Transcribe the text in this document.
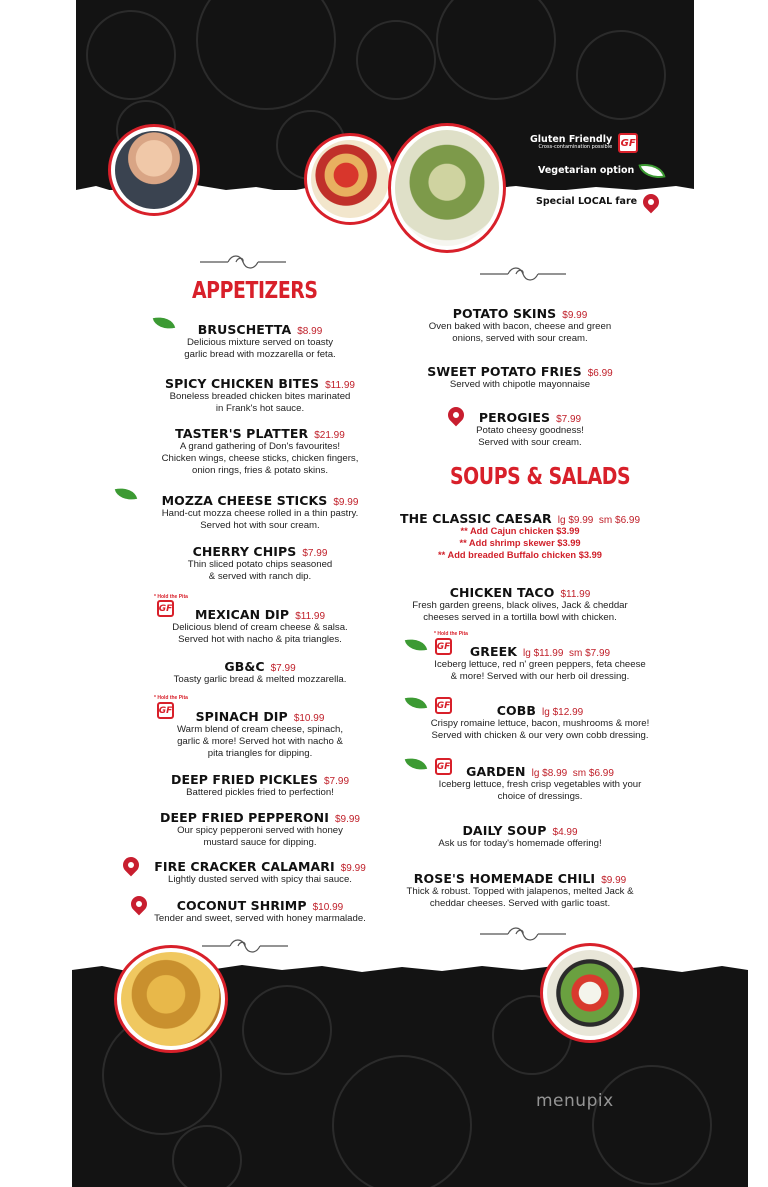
Gluten Friendly
Cross-contamination possible GF
Vegetarian option
Special LOCAL fare
APPETIZERS
BRUSCHETTA $8.99
Delicious mixture served on toasty
garlic bread with mozzarella or feta.
SPICY CHICKEN BITES $11.99
Boneless breaded chicken bites marinated
in Frank's hot sauce.
TASTER'S PLATTER $21.99
A grand gathering of Don's favourites!
Chicken wings, cheese sticks, chicken fingers,
onion rings, fries & potato skins.
MOZZA CHEESE STICKS $9.99
Hand-cut mozza cheese rolled in a thin pastry.
Served hot with sour cream.
CHERRY CHIPS $7.99
Thin sliced potato chips seasoned
& served with ranch dip.
* Hold the Pita
GF MEXICAN DIP $11.99
Delicious blend of cream cheese & salsa.
Served hot with nacho & pita triangles.
GB&C $7.99
Toasty garlic bread & melted mozzarella.
* Hold the Pita
GF SPINACH DIP $10.99
Warm blend of cream cheese, spinach,
garlic & more! Served hot with nacho &
pita triangles for dipping.
DEEP FRIED PICKLES $7.99
Battered pickles fried to perfection!
DEEP FRIED PEPPERONI $9.99
Our spicy pepperoni served with honey
mustard sauce for dipping.
FIRE CRACKER CALAMARI $9.99
Lightly dusted served with spicy thai sauce.
COCONUT SHRIMP $10.99
Tender and sweet, served with honey marmalade.
POTATO SKINS $9.99
Oven baked with bacon, cheese and green
onions, served with sour cream.
SWEET POTATO FRIES $6.99
Served with chipotle mayonnaise
PEROGIES $7.99
Potato cheesy goodness!
Served with sour cream.
SOUPS & SALADS
THE CLASSIC CAESAR lg $9.99  sm $6.99
** Add Cajun chicken $3.99
** Add shrimp skewer $3.99
** Add breaded Buffalo chicken $3.99
CHICKEN TACO $11.99
Fresh garden greens, black olives, Jack & cheddar
cheeses served in a tortilla bowl with chicken.
* Hold the Pita
GF GREEK lg $11.99  sm $7.99
Iceberg lettuce, red n' green peppers, feta cheese
& more! Served with our herb oil dressing.
GF	COBB lg $12.99
Crispy romaine lettuce, bacon, mushrooms & more!
Served with chicken & our very own cobb dressing.
GF GARDEN lg $8.99  sm $6.99
Iceberg lettuce, fresh crisp vegetables with your
choice of dressings.
DAILY SOUP $4.99
Ask us for today's homemade offering!
ROSE'S HOMEMADE CHILI $9.99
Thick & robust. Topped with jalapenos, melted Jack &
cheddar cheeses. Served with garlic toast.
menupix
